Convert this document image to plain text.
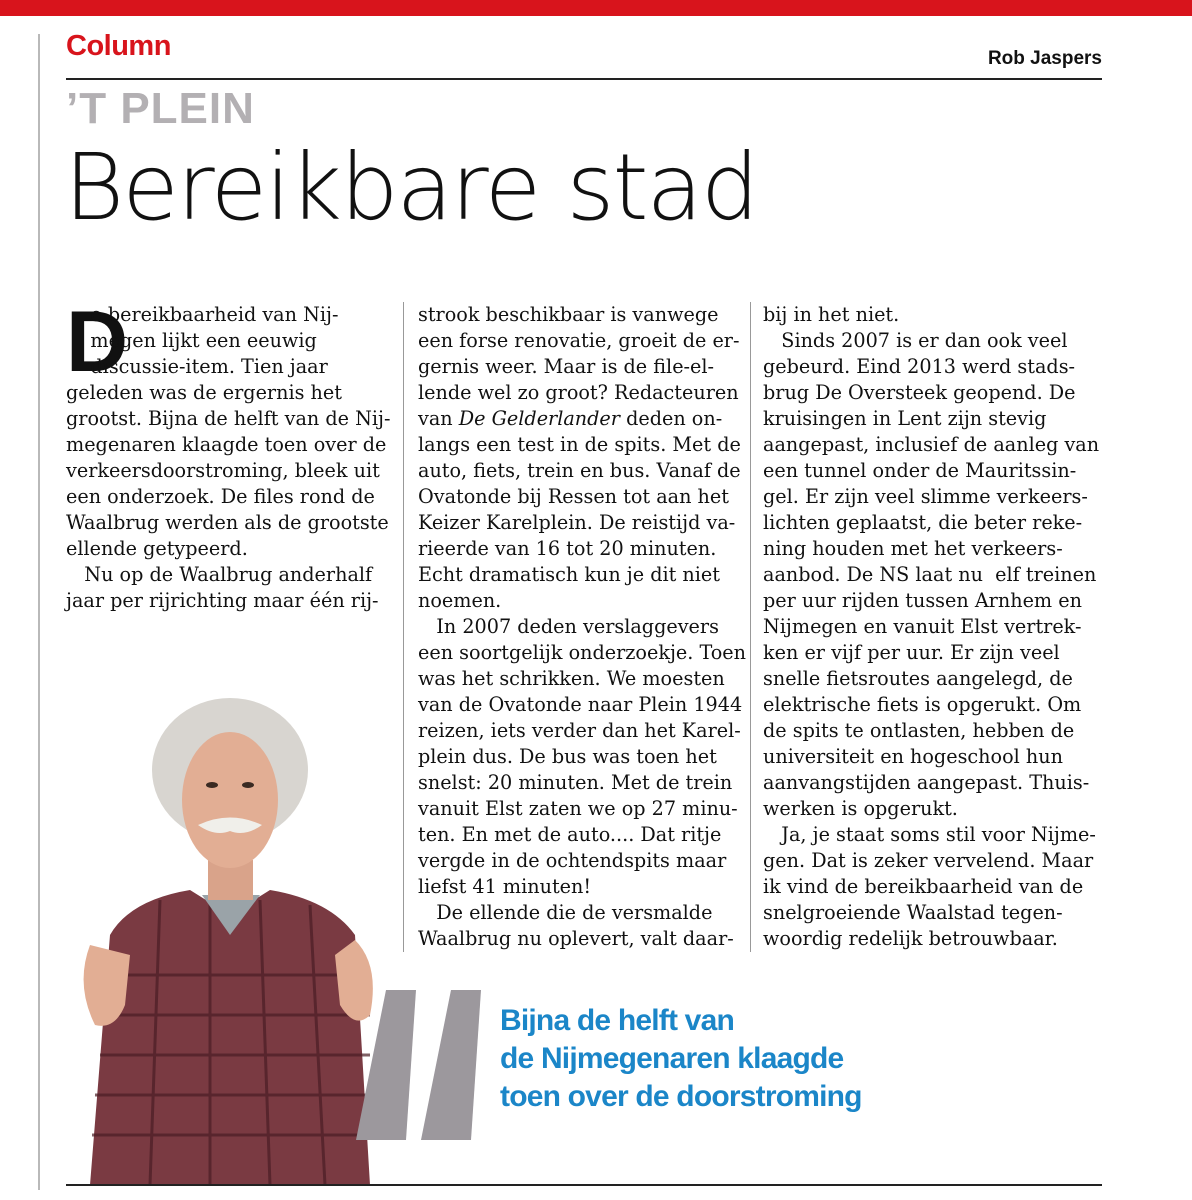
Column	Rob Jaspers
’T PLEIN
Bereikbare stad
D
e bereikbaarheid van Nij-
megen lijkt een eeuwig
discussie-item. Tien jaar
geleden was de ergernis het
grootst. Bijna de helft van de Nij-
megenaren klaagde toen over de
verkeersdoorstroming, bleek uit
een onderzoek. De files rond de
Waalbrug werden als de grootste
ellende getypeerd.
Nu op de Waalbrug anderhalf
jaar per rijrichting maar één rij-
strook beschikbaar is vanwege
een forse renovatie, groeit de er-
gernis weer. Maar is de file-el-
lende wel zo groot? Redacteuren
van De Gelderlander deden on-
langs een test in de spits. Met de
auto, fiets, trein en bus. Vanaf de
Ovatonde bij Ressen tot aan het
Keizer Karelplein. De reistijd va-
rieerde van 16 tot 20 minuten.
Echt dramatisch kun je dit niet
noemen.
In 2007 deden verslaggevers
een soortgelijk onderzoekje. Toen
was het schrikken. We moesten
van de Ovatonde naar Plein 1944
reizen, iets verder dan het Karel-
plein dus. De bus was toen het
snelst: 20 minuten. Met de trein
vanuit Elst zaten we op 27 minu-
ten. En met de auto.... Dat ritje
vergde in de ochtendspits maar
liefst 41 minuten!
De ellende die de versmalde
Waalbrug nu oplevert, valt daar-
bij in het niet.
Sinds 2007 is er dan ook veel
gebeurd. Eind 2013 werd stads-
brug De Oversteek geopend. De
kruisingen in Lent zijn stevig
aangepast, inclusief de aanleg van
een tunnel onder de Mauritssin-
gel. Er zijn veel slimme verkeers-
lichten geplaatst, die beter reke-
ning houden met het verkeers-
aanbod. De NS laat nu  elf treinen
per uur rijden tussen Arnhem en
Nijmegen en vanuit Elst vertrek-
ken er vijf per uur. Er zijn veel
snelle fietsroutes aangelegd, de
elektrische fiets is opgerukt. Om
de spits te ontlasten, hebben de
universiteit en hogeschool hun
aanvangstijden aangepast. Thuis-
werken is opgerukt.
Ja, je staat soms stil voor Nijme-
gen. Dat is zeker vervelend. Maar
ik vind de bereikbaarheid van de
snelgroeiende Waalstad tegen-
woordig redelijk betrouwbaar.
Bijna de helft van
de Nijmegenaren klaagde
toen over de doorstroming
